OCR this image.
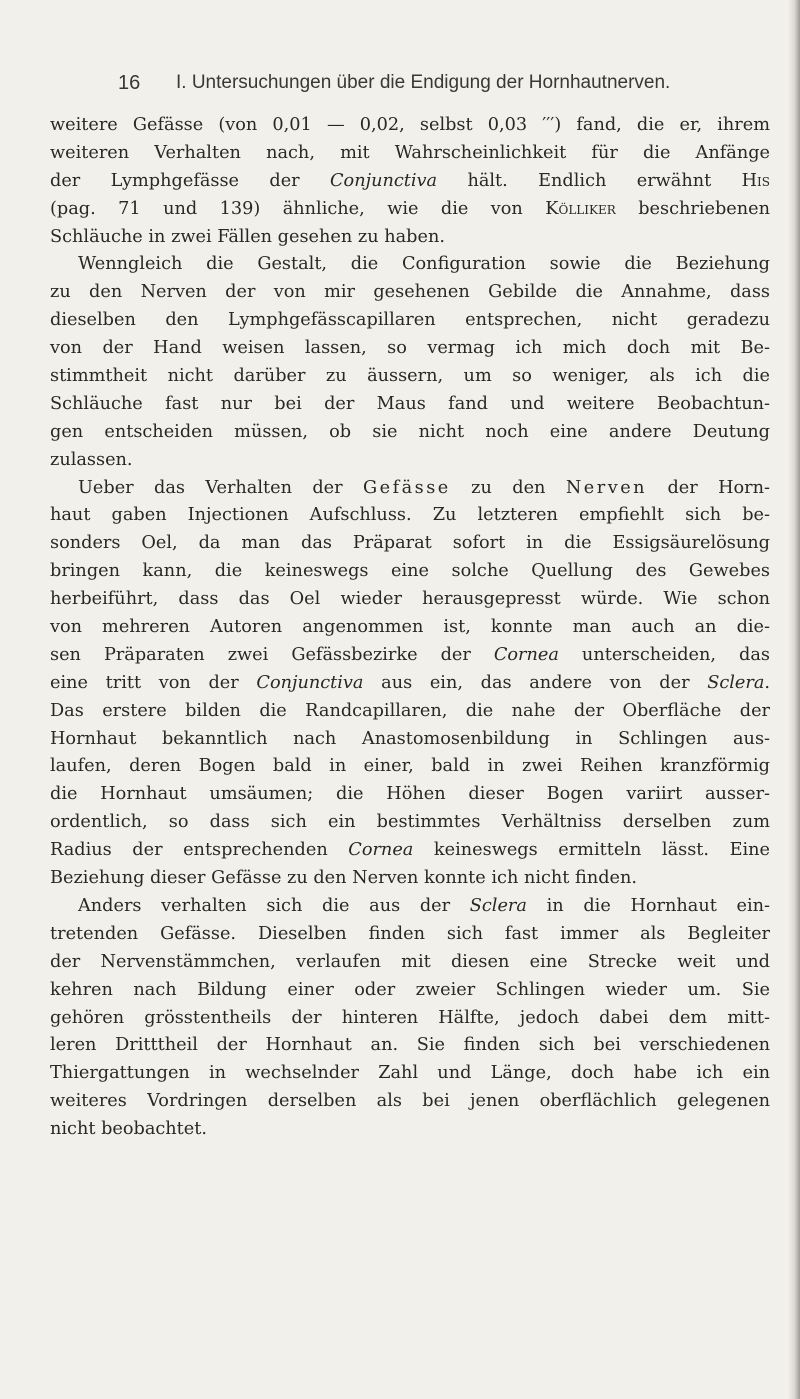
16 I. Untersuchungen über die Endigung der Hornhautnerven.
weitere Gefässe (von 0,01 — 0,02, selbst 0,03 ′′′) fand, die er, ihrem
weiteren Verhalten nach, mit Wahrscheinlichkeit für die Anfänge
der Lymphgefässe der Conjunctiva hält. Endlich erwähnt His
(pag. 71 und 139) ähnliche, wie die von Kölliker beschriebenen
Schläuche in zwei Fällen gesehen zu haben.
Wenngleich die Gestalt, die Configuration sowie die Beziehung
zu den Nerven der von mir gesehenen Gebilde die Annahme, dass
dieselben den Lymphgefässcapillaren entsprechen, nicht geradezu
von der Hand weisen lassen, so vermag ich mich doch mit Be-
stimmtheit nicht darüber zu äussern, um so weniger, als ich die
Schläuche fast nur bei der Maus fand und weitere Beobachtun-
gen entscheiden müssen, ob sie nicht noch eine andere Deutung
zulassen.
Ueber das Verhalten der Gefässe zu den Nerven der Horn-
haut gaben Injectionen Aufschluss. Zu letzteren empfiehlt sich be-
sonders Oel, da man das Präparat sofort in die Essigsäurelösung
bringen kann, die keineswegs eine solche Quellung des Gewebes
herbeiführt, dass das Oel wieder herausgepresst würde. Wie schon
von mehreren Autoren angenommen ist, konnte man auch an die-
sen Präparaten zwei Gefässbezirke der Cornea unterscheiden, das
eine tritt von der Conjunctiva aus ein, das andere von der Sclera.
Das erstere bilden die Randcapillaren, die nahe der Oberfläche der
Hornhaut bekanntlich nach Anastomosenbildung in Schlingen aus-
laufen, deren Bogen bald in einer, bald in zwei Reihen kranzförmig
die Hornhaut umsäumen; die Höhen dieser Bogen variirt ausser-
ordentlich, so dass sich ein bestimmtes Verhältniss derselben zum
Radius der entsprechenden Cornea keineswegs ermitteln lässt. Eine
Beziehung dieser Gefässe zu den Nerven konnte ich nicht finden.
Anders verhalten sich die aus der Sclera in die Hornhaut ein-
tretenden Gefässe. Dieselben finden sich fast immer als Begleiter
der Nervenstämmchen, verlaufen mit diesen eine Strecke weit und
kehren nach Bildung einer oder zweier Schlingen wieder um. Sie
gehören grösstentheils der hinteren Hälfte, jedoch dabei dem mitt-
leren Dritttheil der Hornhaut an. Sie finden sich bei verschiedenen
Thiergattungen in wechselnder Zahl und Länge, doch habe ich ein
weiteres Vordringen derselben als bei jenen oberflächlich gelegenen
nicht beobachtet.
